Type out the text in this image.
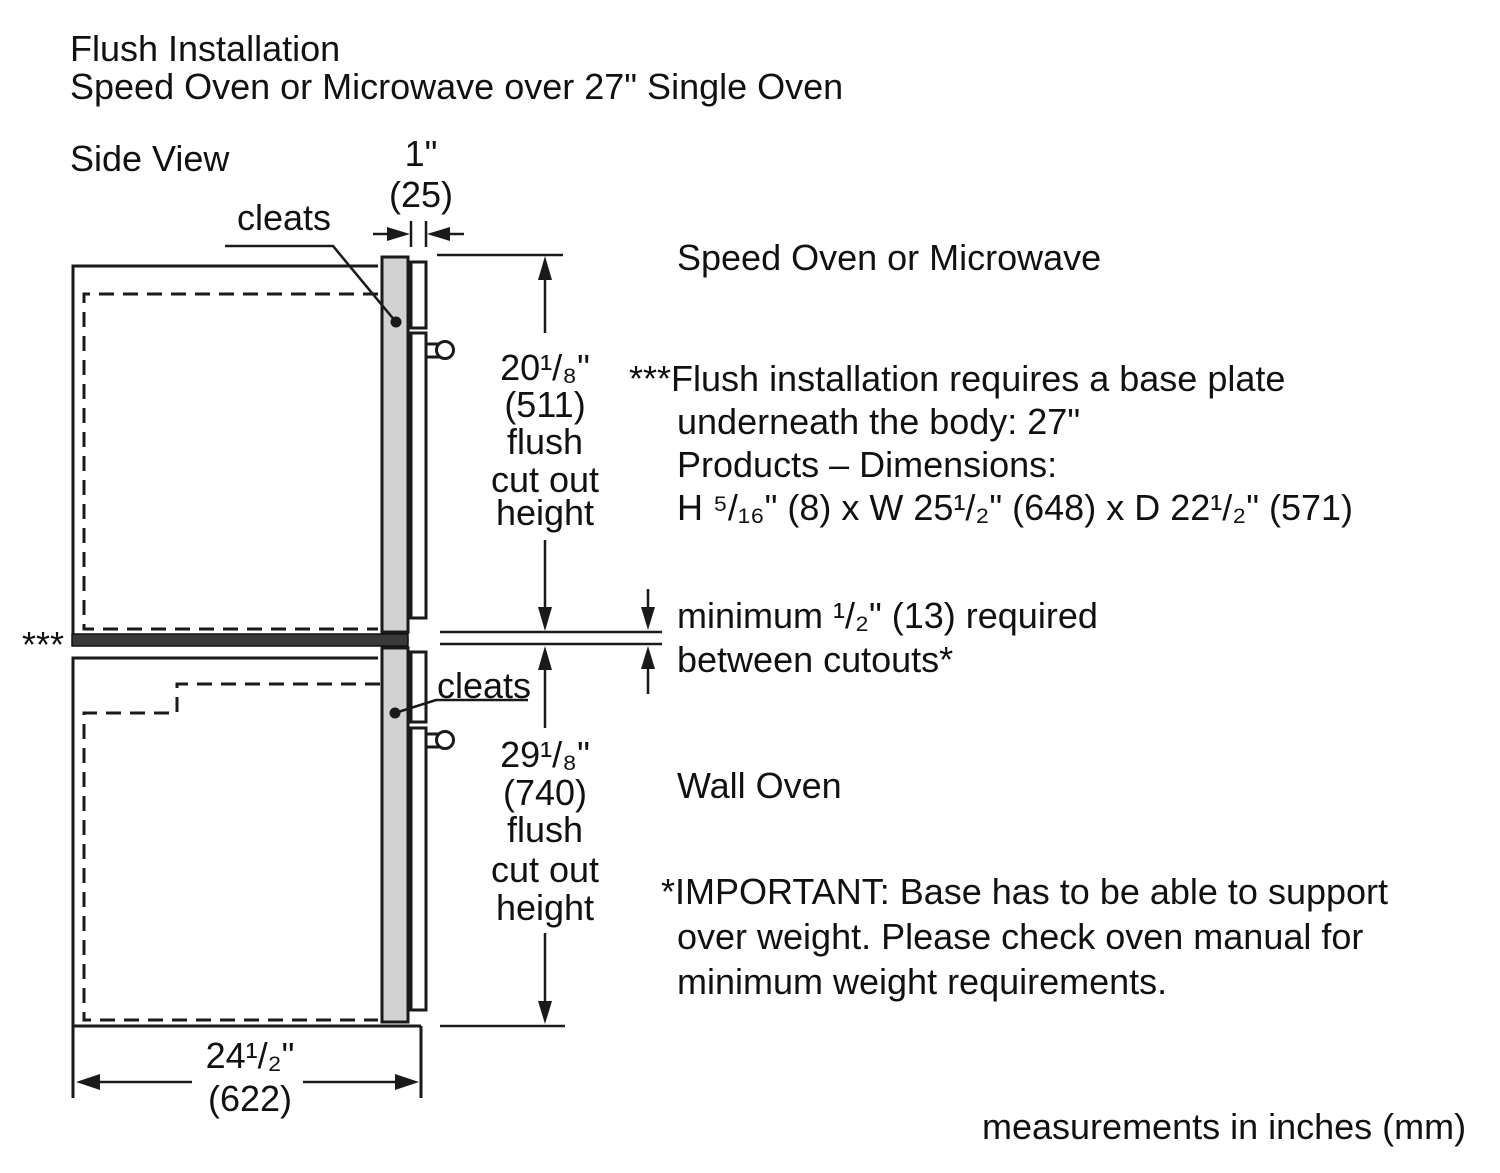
Flush Installation
Speed Oven or Microwave over 27" Single Oven
Side View	1"
(25)
cleats
cleats
Speed Oven or Microwave
Wall Oven
20¹/₈"
(511)
flush
cut out
height
29¹/₈"
(740)
flush
cut out
height
***Flush installation requires a base plate
underneath the body: 27"
Products – Dimensions:
H ⁵/₁₆" (8) x W 25¹/₂" (648) x D 22¹/₂" (571)
minimum ¹/₂" (13) required
between cutouts*
*IMPORTANT: Base has to be able to support
over weight. Please check oven manual for
minimum weight requirements.
***
24¹/₂"
(622)
measurements in inches (mm)
